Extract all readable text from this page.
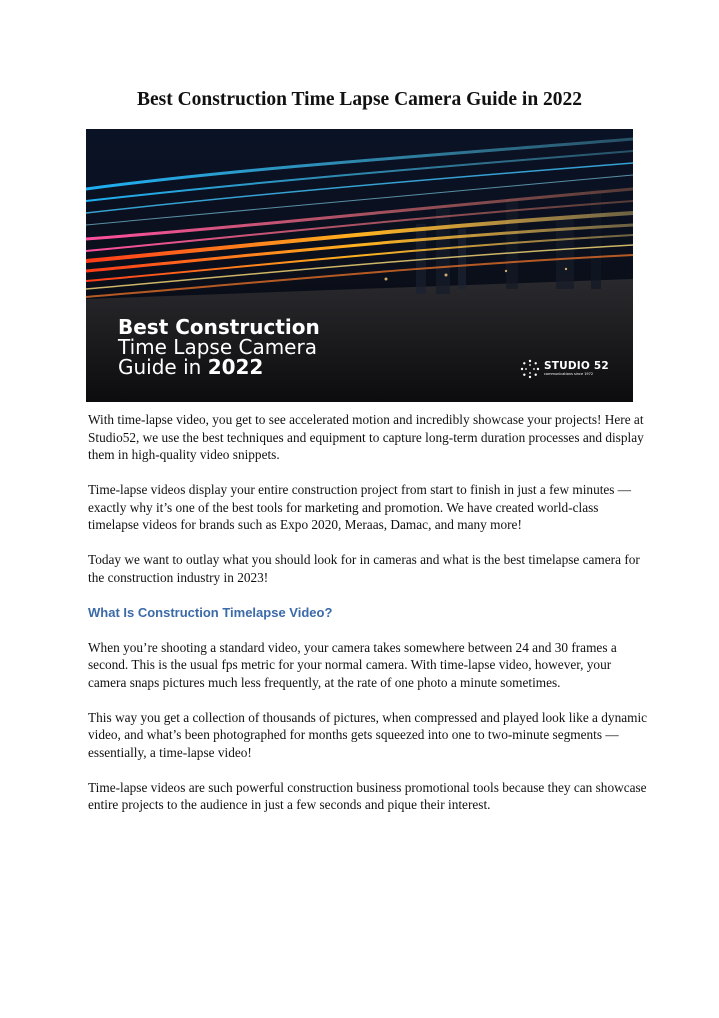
Best Construction Time Lapse Camera Guide in 2022
Best Construction
Time Lapse Camera
Guide in 2022	STUDIO 52
communications since 1972

With time-lapse video, you get to see accelerated motion and incredibly showcase your projects! Here at Studio52, we use the best techniques and equipment to capture long-term duration processes and display them in high-quality video snippets.

Time-lapse videos display your entire construction project from start to finish in just a few minutes — exactly why it’s one of the best tools for marketing and promotion. We have created world-class timelapse videos for brands such as Expo 2020, Meraas, Damac, and many more!

Today we want to outlay what you should look for in cameras and what is the best timelapse camera for the construction industry in 2023!

What Is Construction Timelapse Video?

When you’re shooting a standard video, your camera takes somewhere between 24 and 30 frames a second. This is the usual fps metric for your normal camera. With time-lapse video, however, your camera snaps pictures much less frequently, at the rate of one photo a minute sometimes.

This way you get a collection of thousands of pictures, when compressed and played look like a dynamic video, and what’s been photographed for months gets squeezed into one to two-minute segments — essentially, a time-lapse video!

Time-lapse videos are such powerful construction business promotional tools because they can showcase entire projects to the audience in just a few seconds and pique their interest.
